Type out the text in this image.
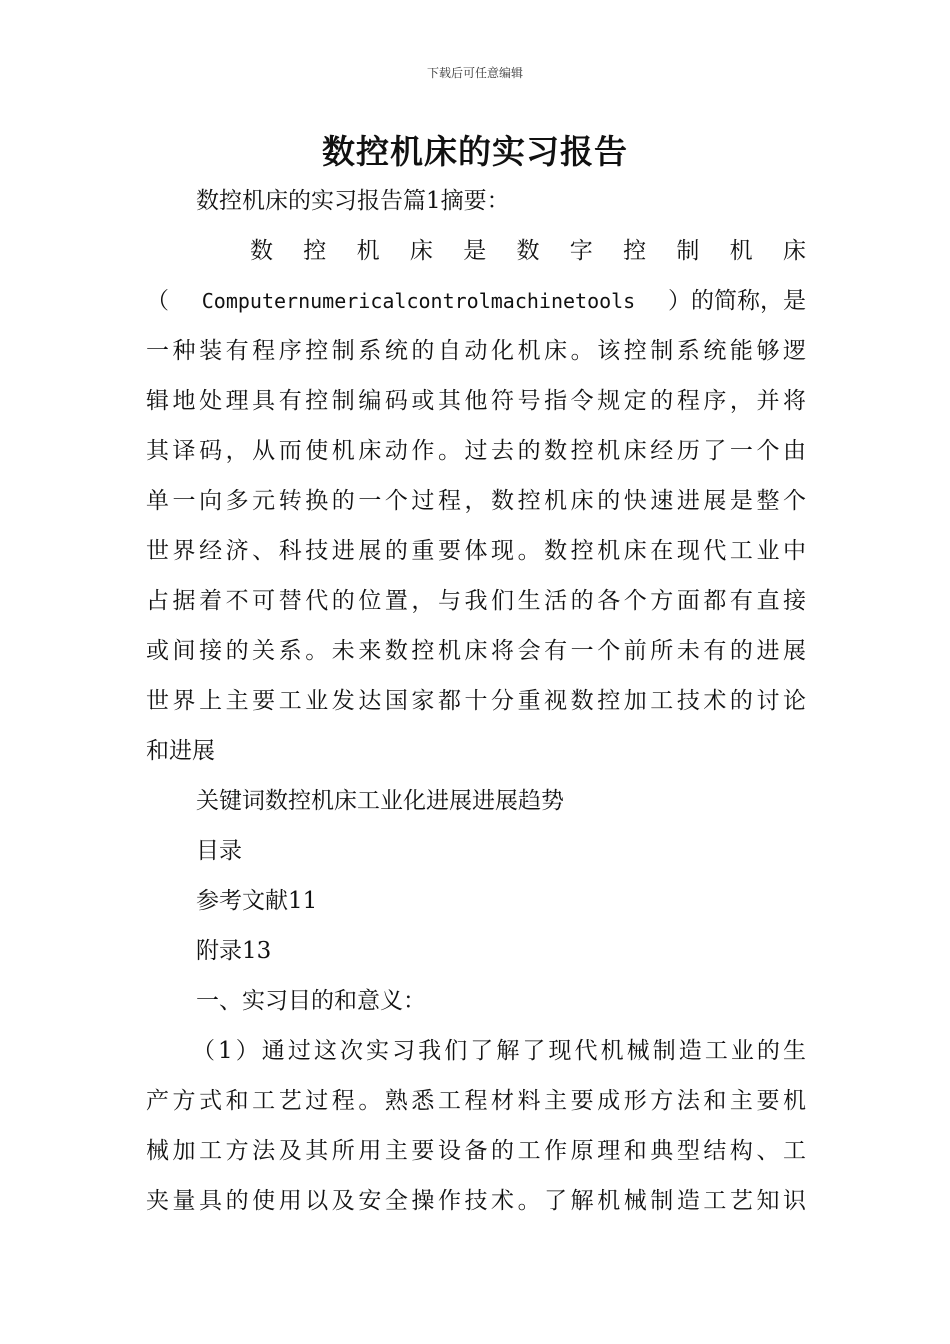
下载后可任意编辑
数控机床的实习报告
数控机床的实习报告篇1摘要：
数 控 机 床 是 数 字 控 制 机 床
（ Computernumericalcontrolmachinetools ）的简称，是
一种装有程序控制系统的自动化机床。该控制系统能够逻
辑地处理具有控制编码或其他符号指令规定的程序，并将
其译码，从而使机床动作。过去的数控机床经历了一个由
单一向多元转换的一个过程，数控机床的快速进展是整个
世界经济、科技进展的重要体现。数控机床在现代工业中
占据着不可替代的位置，与我们生活的各个方面都有直接
或间接的关系。未来数控机床将会有一个前所未有的进展
世界上主要工业发达国家都十分重视数控加工技术的讨论
和进展
关键词数控机床工业化进展进展趋势
目录
参考文献11
附录13
一、实习目的和意义：
（1）通过这次实习我们了解了现代机械制造工业的生
产方式和工艺过程。熟悉工程材料主要成形方法和主要机
械加工方法及其所用主要设备的工作原理和典型结构、工
夹量具的使用以及安全操作技术。了解机械制造工艺知识
